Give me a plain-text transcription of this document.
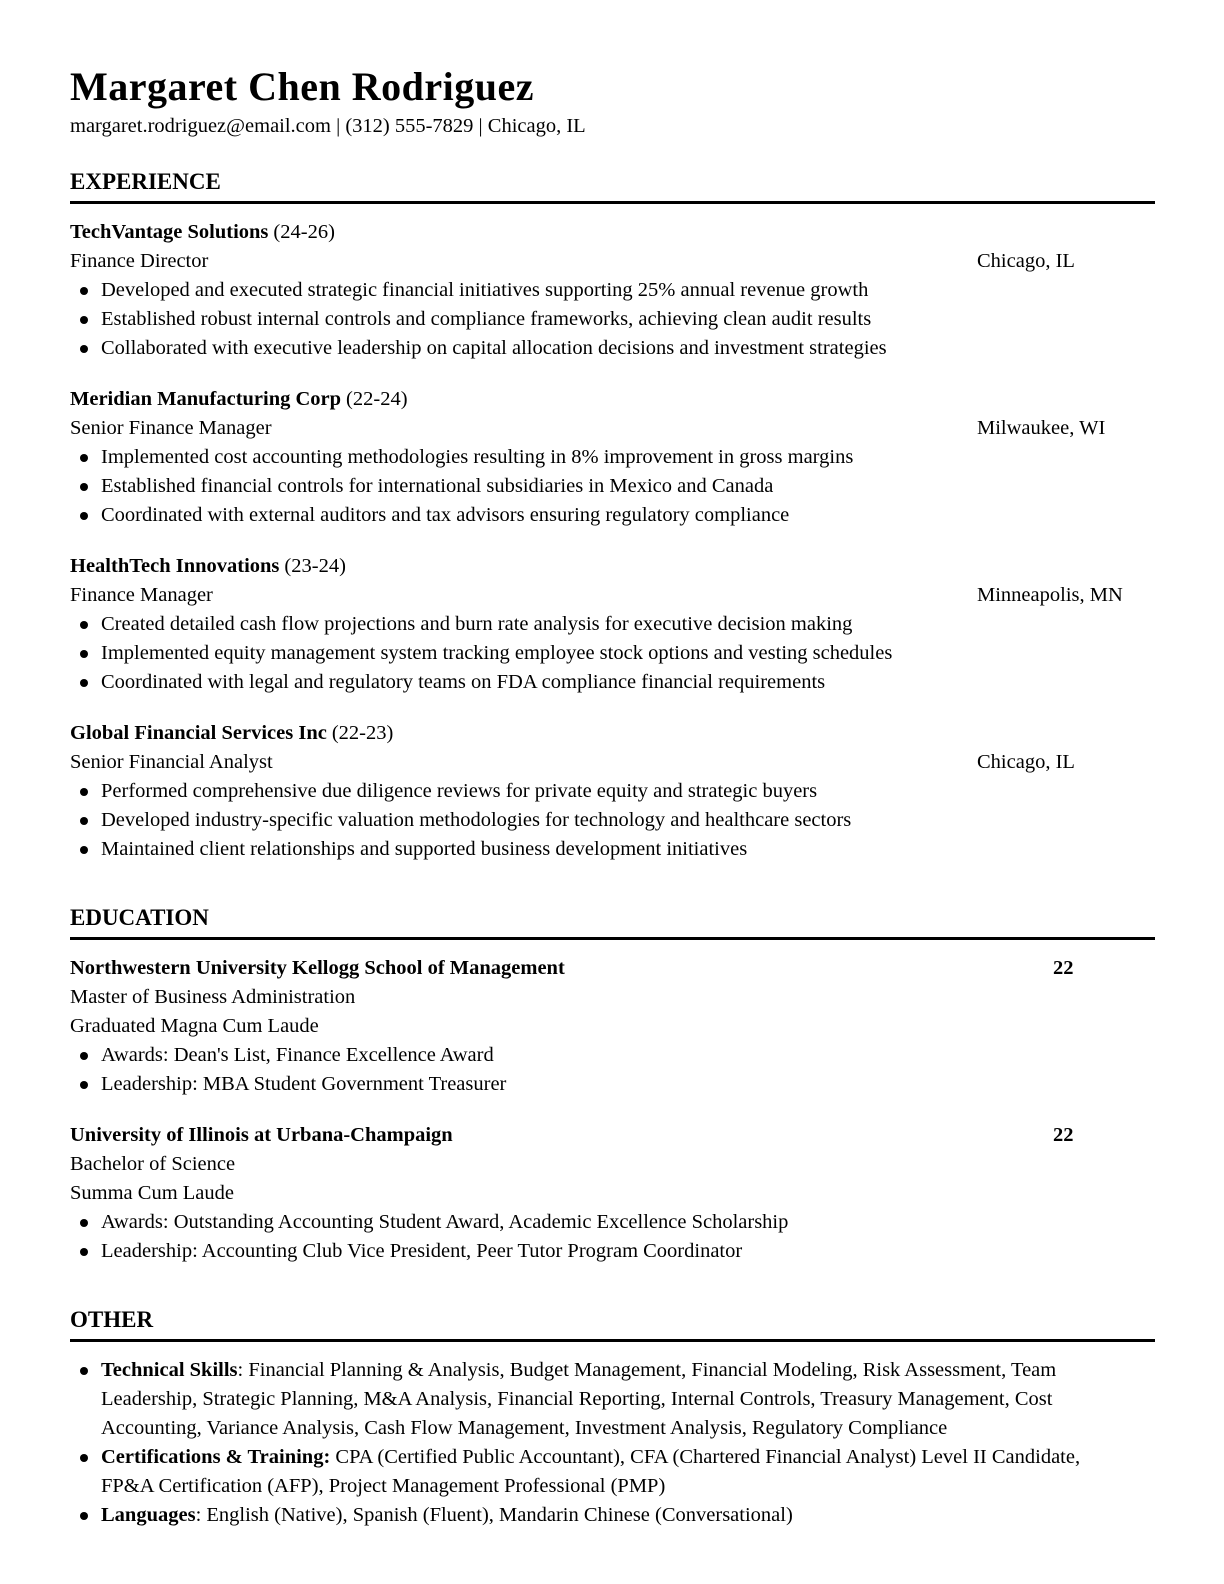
Margaret Chen Rodriguez
margaret.rodriguez@email.com | (312) 555-7829 | Chicago, IL
EXPERIENCE
TechVantage Solutions (24-26)
Finance Director	Chicago, IL
Developed and executed strategic financial initiatives supporting 25% annual revenue growth
Established robust internal controls and compliance frameworks, achieving clean audit results
Collaborated with executive leadership on capital allocation decisions and investment strategies
Meridian Manufacturing Corp (22-24)
Senior Finance Manager	Milwaukee, WI
Implemented cost accounting methodologies resulting in 8% improvement in gross margins
Established financial controls for international subsidiaries in Mexico and Canada
Coordinated with external auditors and tax advisors ensuring regulatory compliance
HealthTech Innovations (23-24)
Finance Manager	Minneapolis, MN
Created detailed cash flow projections and burn rate analysis for executive decision making
Implemented equity management system tracking employee stock options and vesting schedules
Coordinated with legal and regulatory teams on FDA compliance financial requirements
Global Financial Services Inc (22-23)
Senior Financial Analyst	Chicago, IL
Performed comprehensive due diligence reviews for private equity and strategic buyers
Developed industry-specific valuation methodologies for technology and healthcare sectors
Maintained client relationships and supported business development initiatives
EDUCATION
Northwestern University Kellogg School of Management	22
Master of Business Administration
Graduated Magna Cum Laude
Awards: Dean's List, Finance Excellence Award
Leadership: MBA Student Government Treasurer
University of Illinois at Urbana-Champaign	22
Bachelor of Science
Summa Cum Laude
Awards: Outstanding Accounting Student Award, Academic Excellence Scholarship
Leadership: Accounting Club Vice President, Peer Tutor Program Coordinator
OTHER
Technical Skills: Financial Planning & Analysis, Budget Management, Financial Modeling, Risk Assessment, Team Leadership, Strategic Planning, M&A Analysis, Financial Reporting, Internal Controls, Treasury Management, Cost Accounting, Variance Analysis, Cash Flow Management, Investment Analysis, Regulatory Compliance
Certifications & Training: CPA (Certified Public Accountant), CFA (Chartered Financial Analyst) Level II Candidate, FP&A Certification (AFP), Project Management Professional (PMP)
Languages: English (Native), Spanish (Fluent), Mandarin Chinese (Conversational)
